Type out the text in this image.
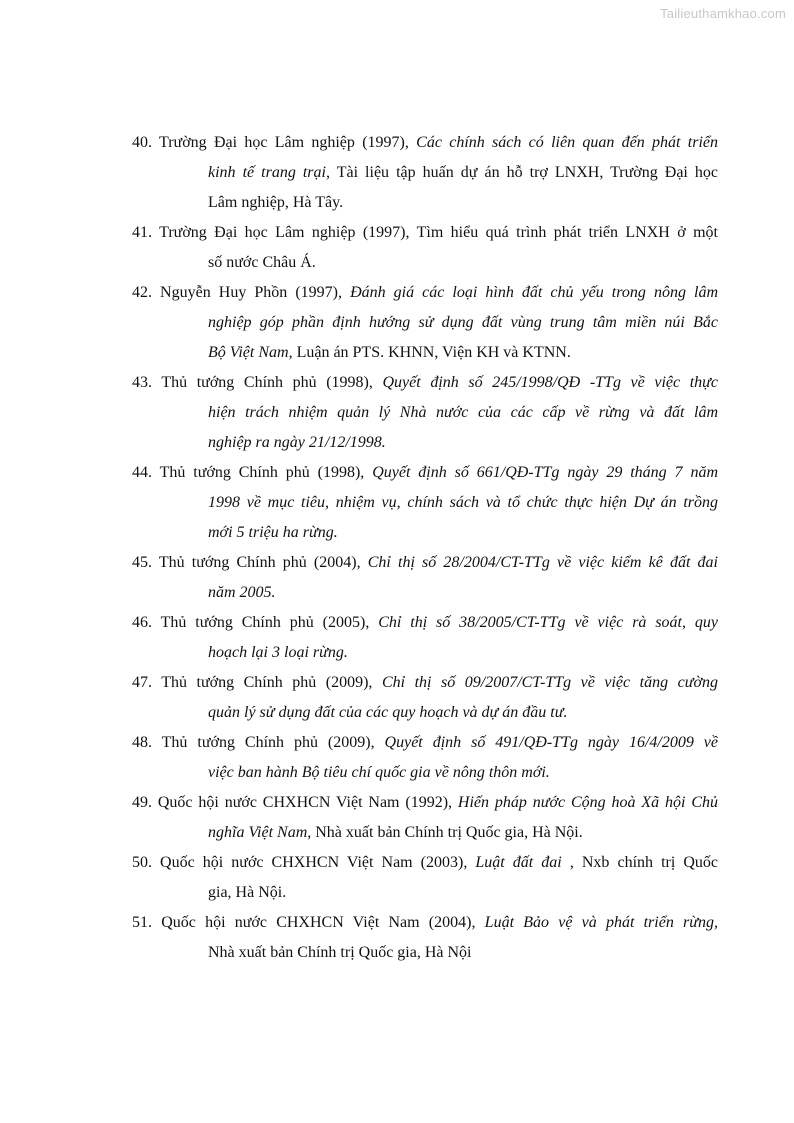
Tailieuthamkhao.com
40. Trường Đại học Lâm nghiệp (1997), Các chính sách có liên quan đến phát triển
kinh tế trang trại, Tài liệu tập huấn dự án hỗ trợ LNXH, Trường Đại học
Lâm nghiệp, Hà Tây.
41. Trường Đại học Lâm nghiệp (1997), Tìm hiểu quá trình phát triển LNXH ở một
số nước Châu Á.
42. Nguyễn Huy Phồn (1997), Đánh giá các loại hình đất chủ yếu trong nông lâm
nghiệp góp phần định hướng sử dụng đất vùng trung tâm miền núi Bắc
Bộ Việt Nam, Luận án PTS. KHNN, Viện KH và KTNN.
43. Thủ tướng Chính phủ (1998), Quyết định số 245/1998/QĐ -TTg về việc thực
hiện trách nhiệm quản lý Nhà nước của các cấp về rừng và đất lâm
nghiệp ra ngày 21/12/1998.
44. Thủ tướng Chính phủ (1998), Quyết định số 661/QĐ-TTg ngày 29 tháng 7 năm
1998 về mục tiêu, nhiệm vụ, chính sách và tổ chức thực hiện Dự án trồng
mới 5 triệu ha rừng.
45. Thủ tướng Chính phủ (2004), Chỉ thị số 28/2004/CT-TTg về việc kiểm kê đất đai
năm 2005.
46. Thủ tướng Chính phủ (2005), Chỉ thị số 38/2005/CT-TTg về việc rà soát, quy
hoạch lại 3 loại rừng.
47. Thủ tướng Chính phủ (2009), Chỉ thị số 09/2007/CT-TTg về việc tăng cường
quản lý sử dụng đất của các quy hoạch và dự án đầu tư.
48. Thủ tướng Chính phủ (2009), Quyết định số 491/QĐ-TTg ngày 16/4/2009 về
việc ban hành Bộ tiêu chí quốc gia về nông thôn mới.
49. Quốc hội nước CHXHCN Việt Nam (1992), Hiến pháp nước Cộng hoà Xã hội Chủ
nghĩa Việt Nam, Nhà xuất bản Chính trị Quốc gia, Hà Nội.
50. Quốc hội nước CHXHCN Việt Nam (2003), Luật đất đai , Nxb chính trị Quốc
gia, Hà Nội.
51. Quốc hội nước CHXHCN Việt Nam (2004), Luật Bảo vệ và phát triển rừng,
Nhà xuất bản Chính trị Quốc gia, Hà Nội
